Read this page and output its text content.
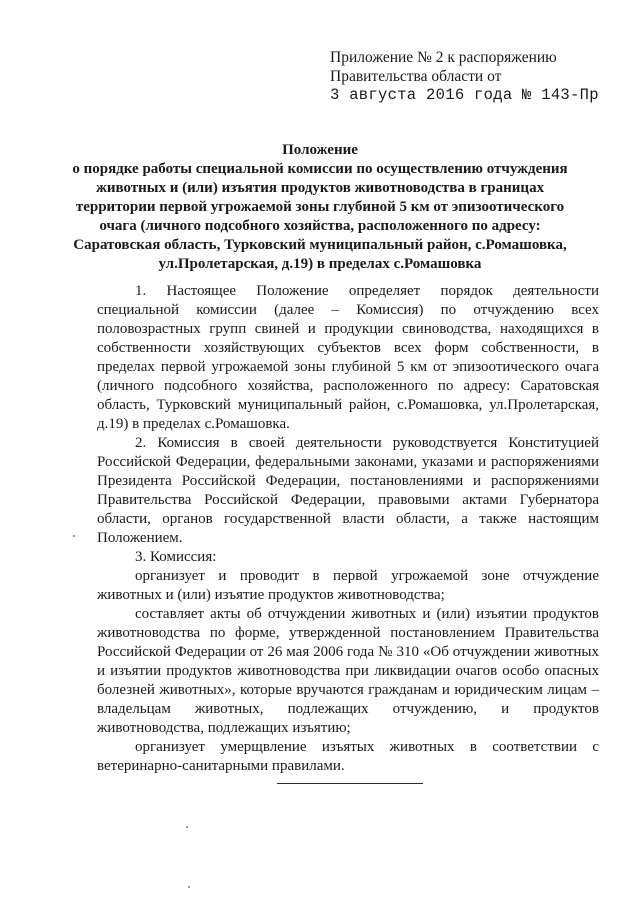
Приложение № 2 к распоряжению
Правительства области от
3 августа 2016 года № 143-Пр
Положение
о порядке работы специальной комиссии по осуществлению отчуждения животных и (или) изъятия продуктов животноводства в границах территории первой угрожаемой зоны глубиной 5 км от эпизоотического очага (личного подсобного хозяйства, расположенного по адресу: Саратовская область, Турковский муниципальный район, с.Ромашовка, ул.Пролетарская, д.19) в пределах с.Ромашовка

1. Настоящее Положение определяет порядок деятельности специальной комиссии (далее – Комиссия) по отчуждению всех половозрастных групп свиней и продукции свиноводства, находящихся в собственности хозяйствующих субъектов всех форм собственности, в пределах первой угрожаемой зоны глубиной 5 км от эпизоотического очага (личного подсобного хозяйства, расположенного по адресу: Саратовская область, Турковский муниципальный район, с.Ромашовка, ул.Пролетарская, д.19) в пределах с.Ромашовка.

2. Комиссия в своей деятельности руководствуется Конституцией Российской Федерации, федеральными законами, указами и распоряжениями Президента Российской Федерации, постановлениями и распоряжениями Правительства Российской Федерации, правовыми актами Губернатора области, органов государственной власти области, а также настоящим Положением.

3. Комиссия:

организует и проводит в первой угрожаемой зоне отчуждение животных и (или) изъятие продуктов животноводства;

составляет акты об отчуждении животных и (или) изъятии продуктов животноводства по форме, утвержденной постановлением Правительства Российской Федерации от 26 мая 2006 года № 310 «Об отчуждении животных и изъятии продуктов животноводства при ликвидации очагов особо опасных болезней животных», которые вручаются гражданам и юридическим лицам – владельцам животных, подлежащих отчуждению, и продуктов животноводства, подлежащих изъятию;

организует умерщвление изъятых животных в соответствии с ветеринарно-санитарными правилами.
